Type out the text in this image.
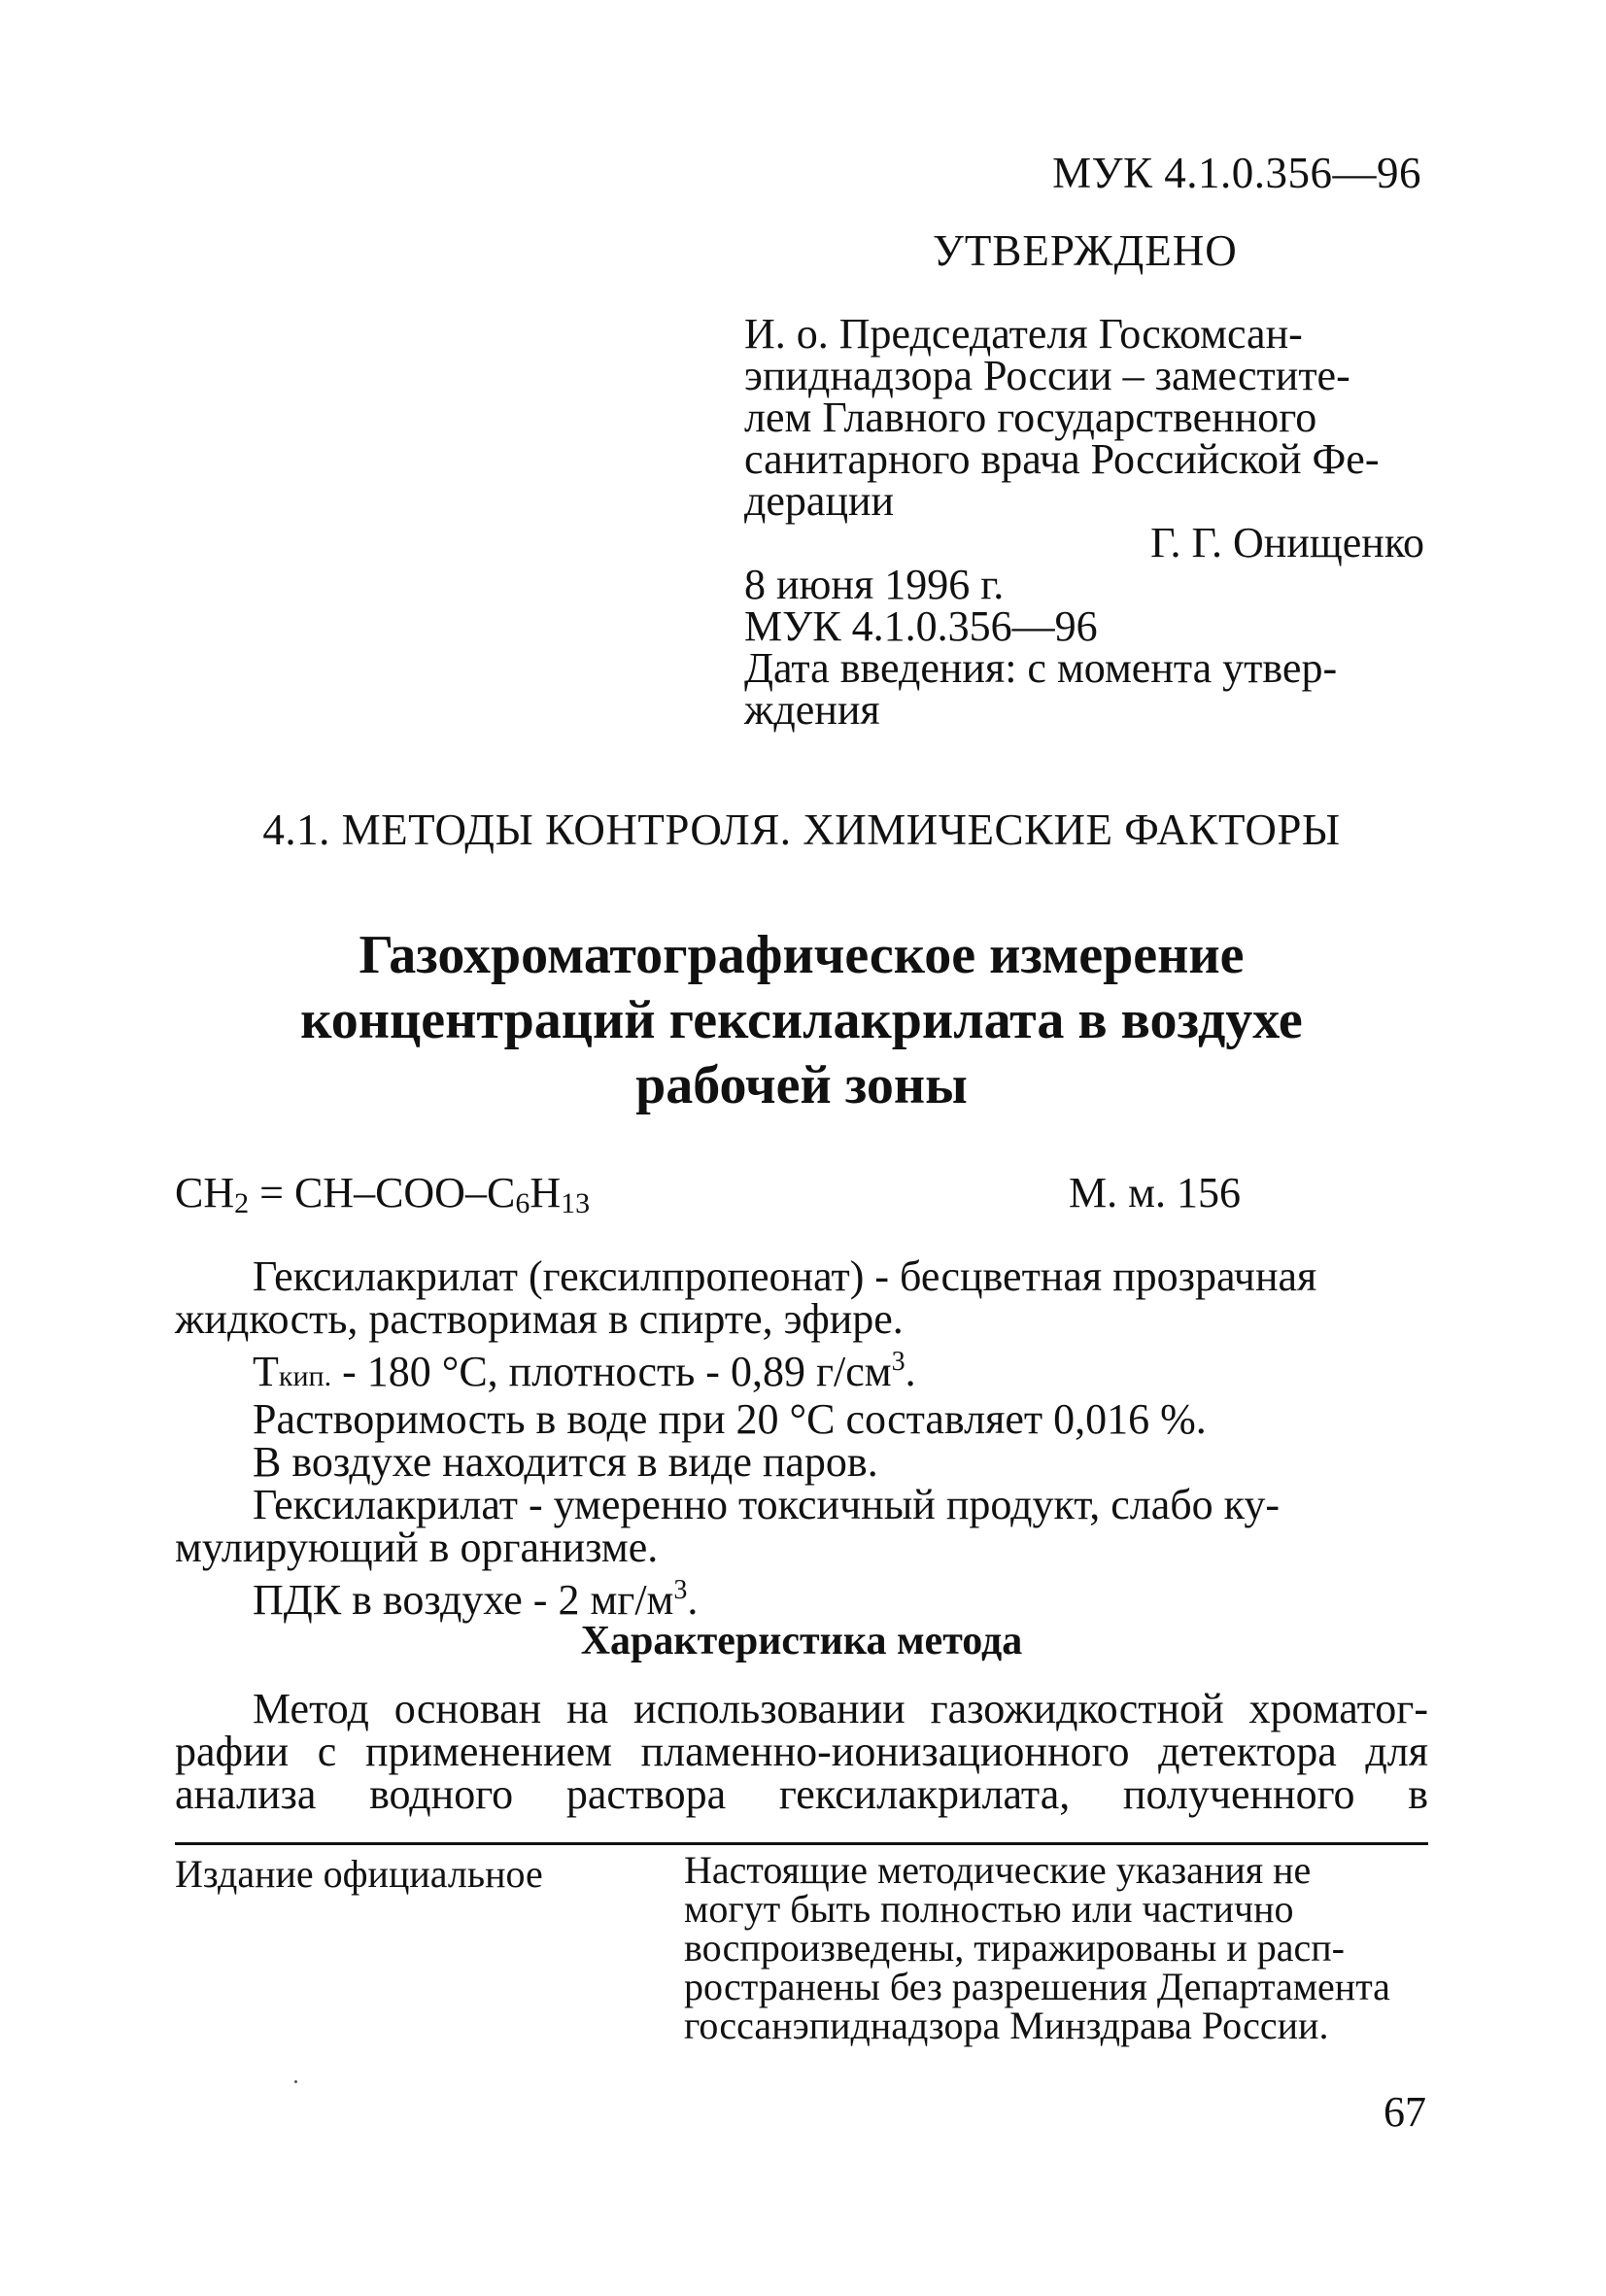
МУК 4.1.0.356—96
УТВЕРЖДЕНО

И. о. Председателя Госкомсан-

эпиднадзора России – заместите-

лем Главного государственного

санитарного врача Российской Фе-

дерации

Г. Г. Онищенко

8 июня 1996 г.

МУК 4.1.0.356—96

Дата введения: с момента утвер-

ждения

4.1. МЕТОДЫ КОНТРОЛЯ. ХИМИЧЕСКИЕ ФАКТОРЫ
Газохроматографическое измерение
концентраций гексилакрилата в воздухе
рабочей зоны
$CH_2 = CH-COO-C_6H_{13}$	М. м. 156

Гексилакрилат (гексилпропеонат) - бесцветная прозрачная

жидкость, растворимая в спирте, эфире.

Tкип. - 180 °С, плотность - 0,89 $г/см^3$.

Растворимость в воде при 20 °С составляет 0,016 %.

В воздухе находится в виде паров.

Гексилакрилат - умеренно токсичный продукт, слабо ку-

мулирующий в организме.

ПДК в воздухе - 2 $мг/м^3$.

Характеристика метода

Метод основан на использовании газожидкостной хроматог-

рафии с применением пламенно-ионизационного детектора для

анализа водного раствора гексилакрилата, полученного в

Издание официальное	Настоящие методические указания не

могут быть полностью или частично

воспроизведены, тиражированы и расп-

ространены без разрешения Департамента

госсанэпиднадзора Минздрава России.

67
